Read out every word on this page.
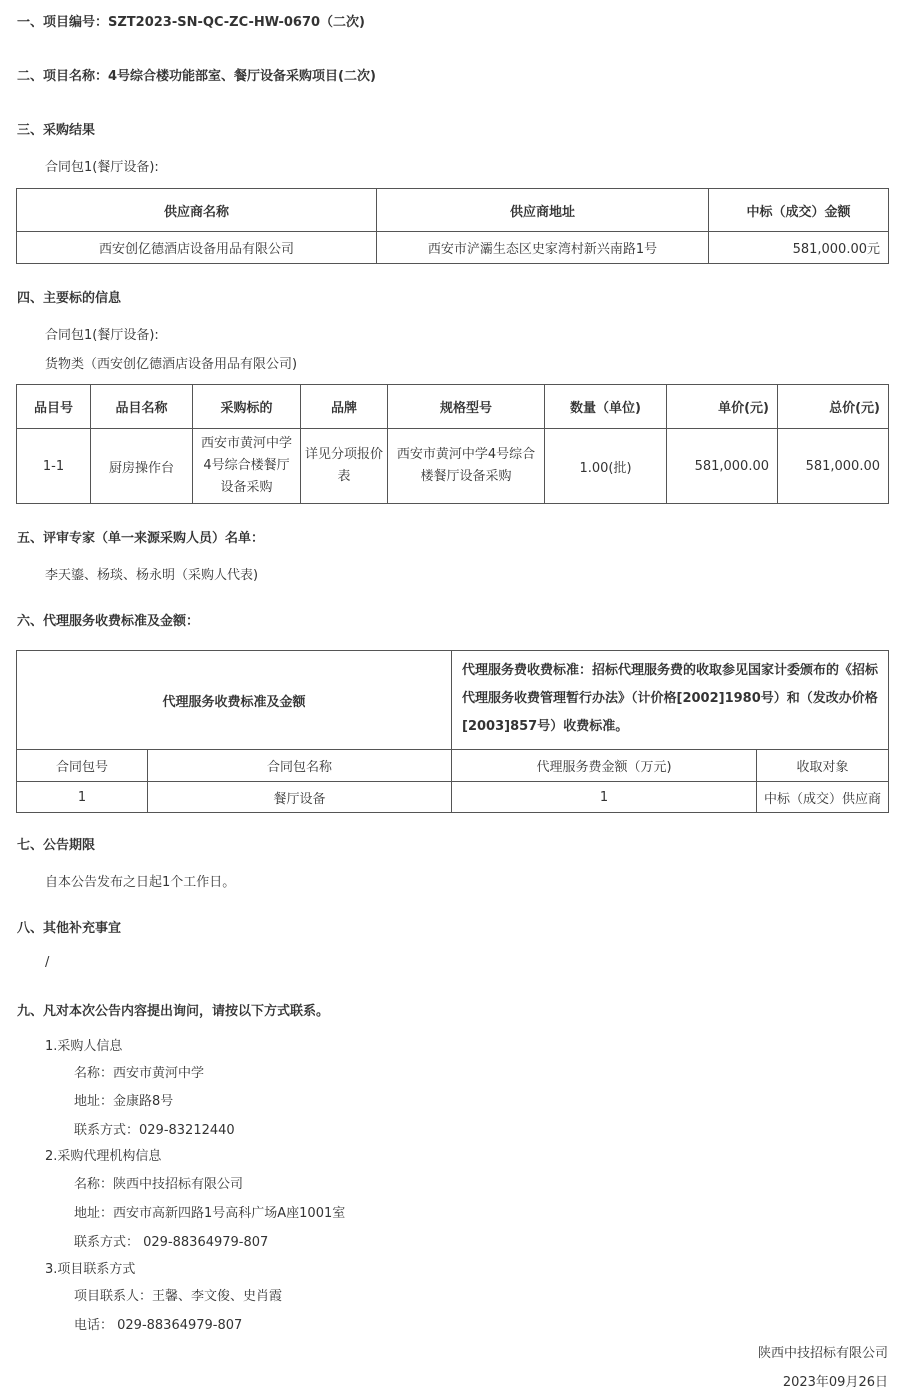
一、项目编号：SZT2023-SN-QC-ZC-HW-0670（二次)
二、项目名称：4号综合楼功能部室、餐厅设备采购项目(二次)
三、采购结果
合同包1(餐厅设备):
供应商名称	供应商地址	中标（成交）金额
西安创亿德酒店设备用品有限公司	西安市浐灞生态区史家湾村新兴南路1号	581,000.00元
四、主要标的信息
合同包1(餐厅设备):
货物类（西安创亿德酒店设备用品有限公司)
品目号	品目名称	采购标的	品牌	规格型号	数量（单位)	单价(元)	总价(元)
1-1	厨房操作台	西安市黄河中学4号综合楼餐厅设备采购	详见分项报价表	西安市黄河中学4号综合楼餐厅设备采购	1.00(批)	581,000.00	581,000.00
五、评审专家（单一来源采购人员）名单：
李天鎏、杨琰、杨永明（采购人代表)
六、代理服务收费标准及金额：
代理服务收费标准及金额		代理服务费收费标准：招标代理服务费的收取参见国家计委颁布的《招标代理服务收费管理暂行办法》（计价格[2002]1980号）和（发改办价格[2003]857号）收费标准。	
合同包号	合同包名称	代理服务费金额（万元)	收取对象
1	餐厅设备	1	中标（成交）供应商
七、公告期限
自本公告发布之日起1个工作日。
八、其他补充事宜
/
九、凡对本次公告内容提出询问，请按以下方式联系。
1.采购人信息
名称：西安市黄河中学
地址：金康路8号
联系方式：029-83212440
2.采购代理机构信息
名称：陕西中技招标有限公司
地址：西安市高新四路1号高科广场A座1001室
联系方式： 029-88364979-807
3.项目联系方式
项目联系人：王馨、李文俊、史肖霞
电话： 029-88364979-807
陕西中技招标有限公司
2023年09月26日
